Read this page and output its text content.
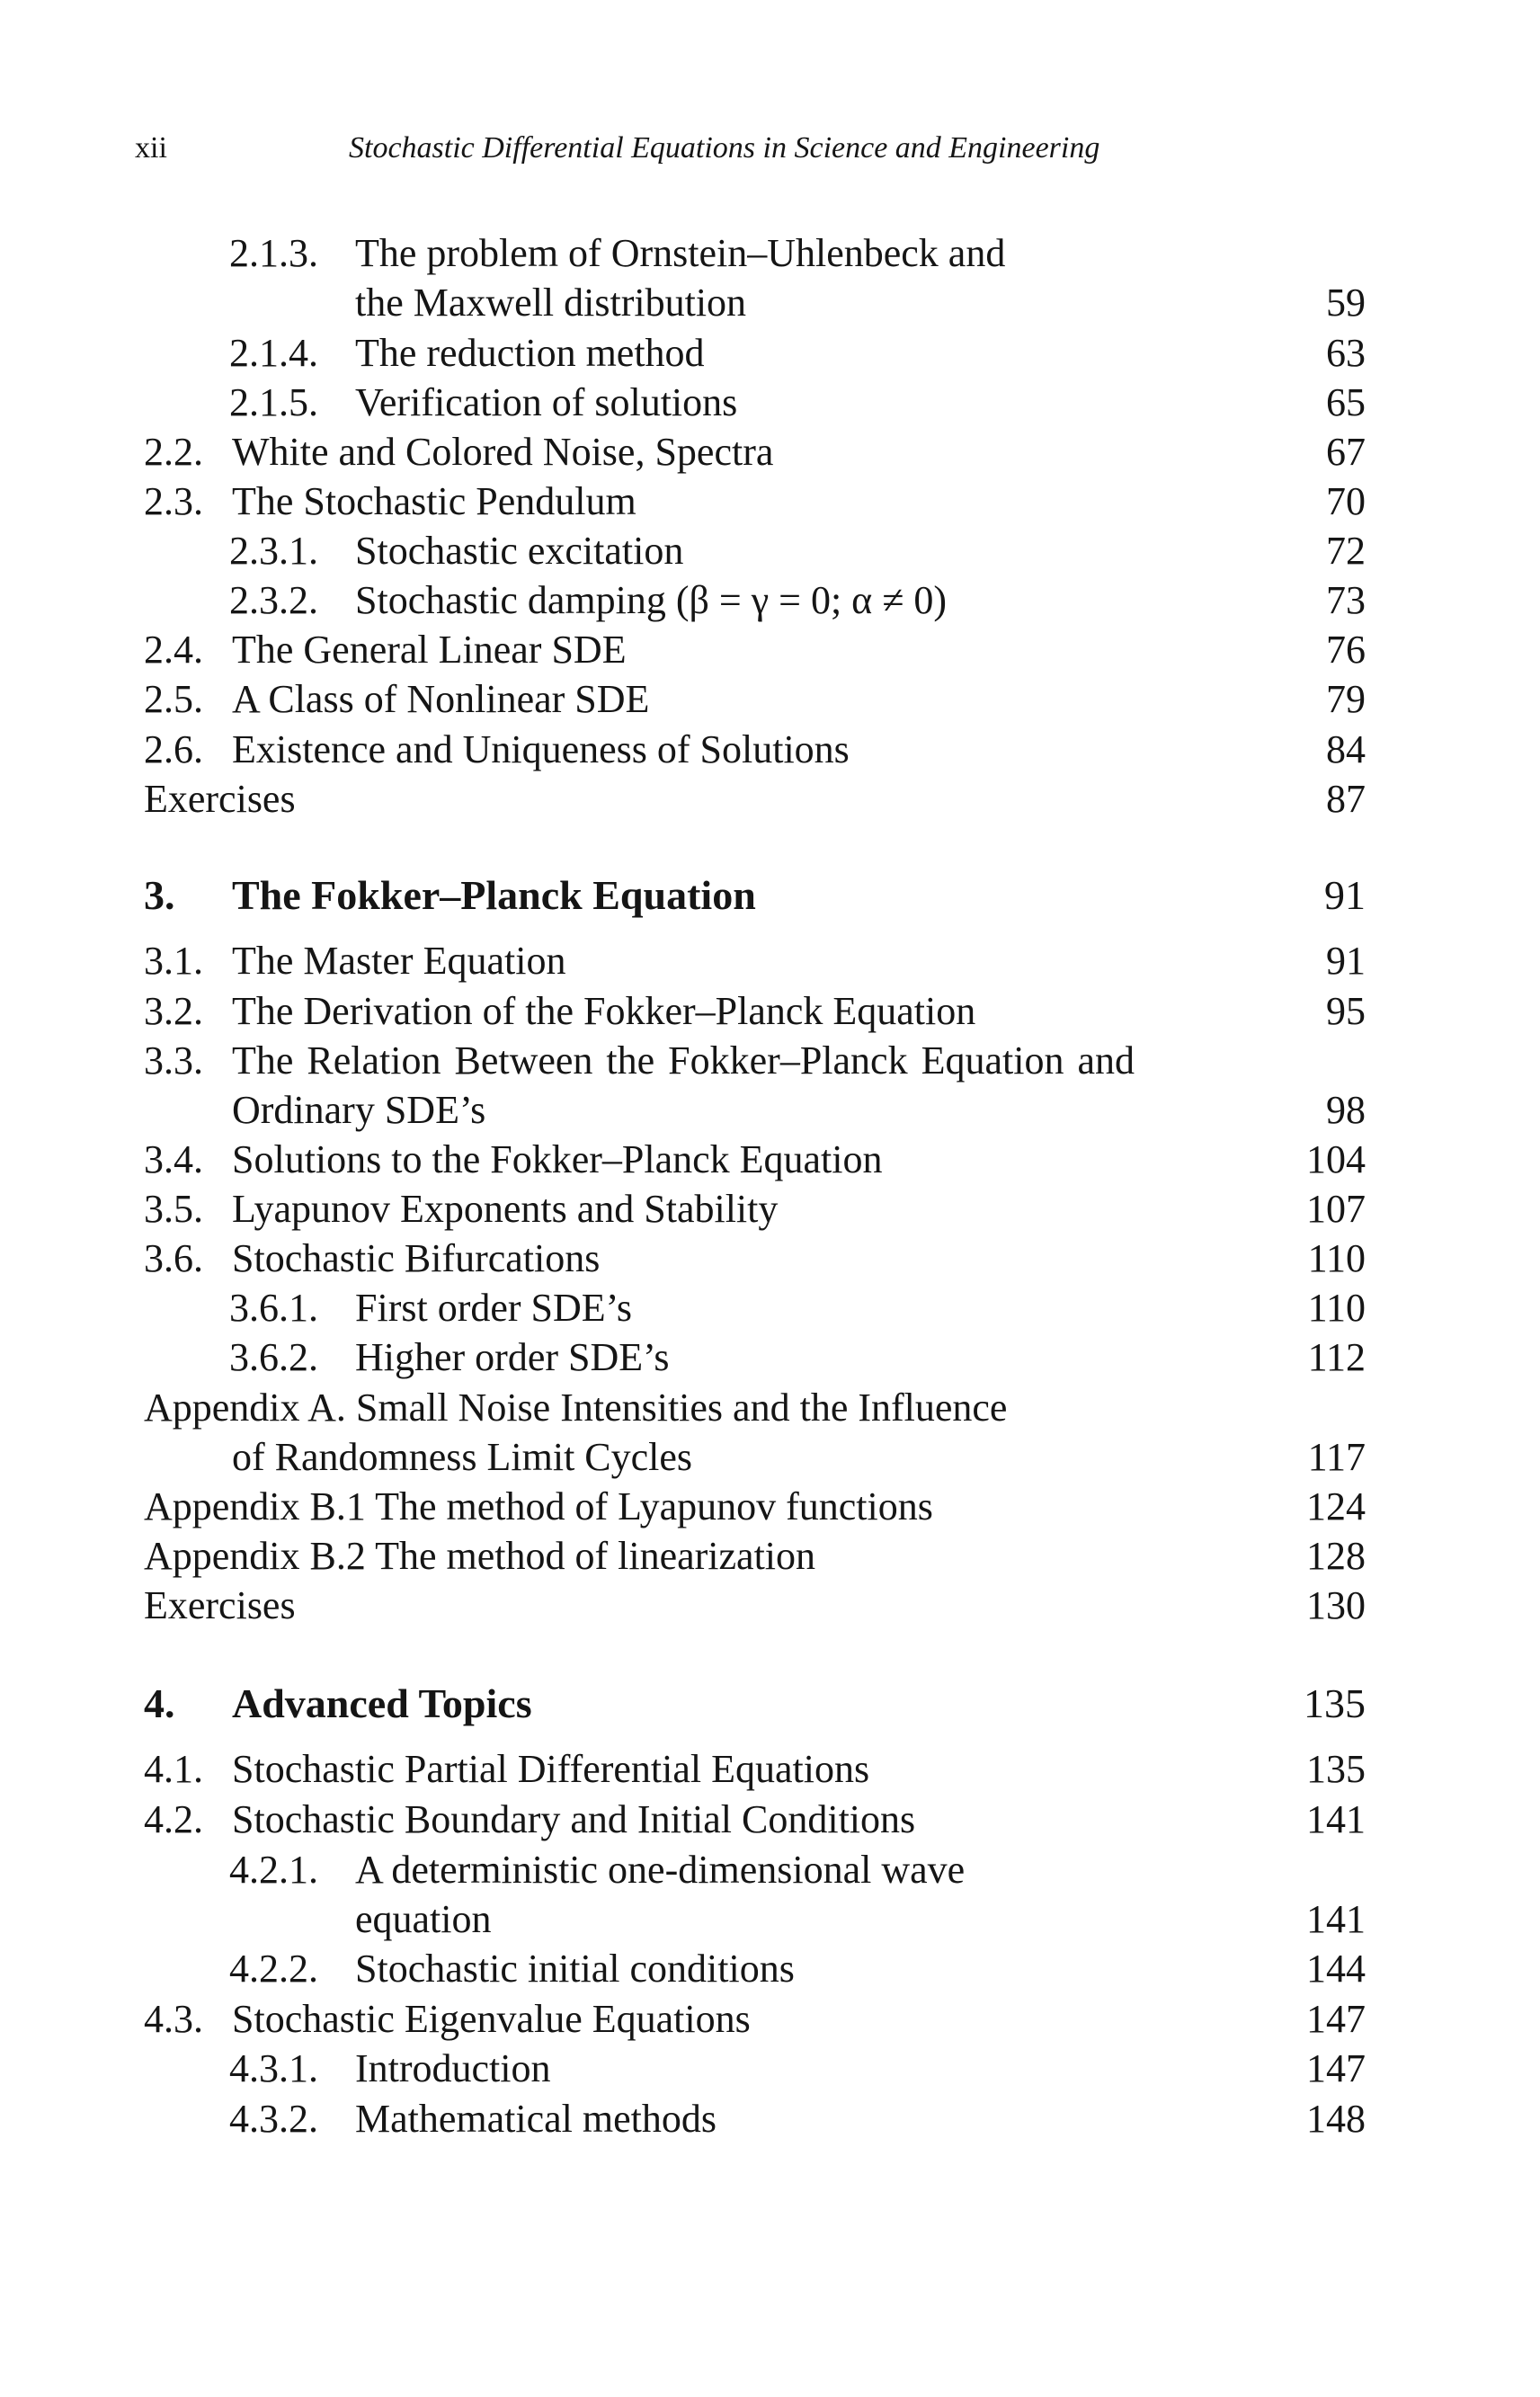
xii	Stochastic Differential Equations in Science and Engineering
2.1.3. The problem of Ornstein–Uhlenbeck and
the Maxwell distribution	59
2.1.4. The reduction method	63
2.1.5. Verification of solutions	65
2.2. White and Colored Noise, Spectra	67
2.3. The Stochastic Pendulum	70
2.3.1. Stochastic excitation	72
2.3.2. Stochastic damping (β = γ = 0; α ≠ 0)	73
2.4. The General Linear SDE	76
2.5. A Class of Nonlinear SDE	79
2.6. Existence and Uniqueness of Solutions	84
Exercises	87
3. The Fokker–Planck Equation	91
3.1. The Master Equation	91
3.2. The Derivation of the Fokker–Planck Equation	95
3.3. The Relation Between the Fokker–Planck Equation and
Ordinary SDE’s	98
3.4. Solutions to the Fokker–Planck Equation	104
3.5. Lyapunov Exponents and Stability	107
3.6. Stochastic Bifurcations	110
3.6.1. First order SDE’s	110
3.6.2. Higher order SDE’s	112
Appendix A. Small Noise Intensities and the Influence
of Randomness Limit Cycles	117
Appendix B.1 The method of Lyapunov functions	124
Appendix B.2 The method of linearization	128
Exercises	130
4. Advanced Topics	135
4.1. Stochastic Partial Differential Equations	135
4.2. Stochastic Boundary and Initial Conditions	141
4.2.1. A deterministic one-dimensional wave
equation	141
4.2.2. Stochastic initial conditions	144
4.3. Stochastic Eigenvalue Equations	147
4.3.1. Introduction	147
4.3.2. Mathematical methods	148
